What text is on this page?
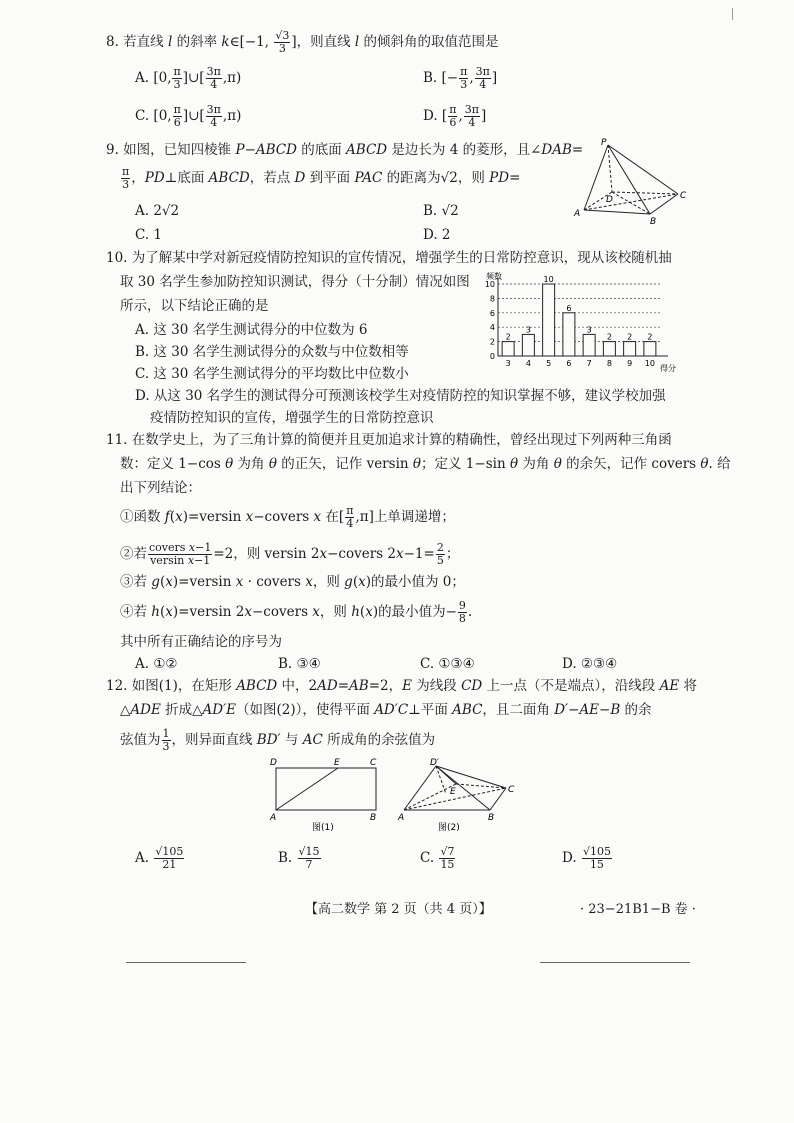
8. 若直线 l 的斜率 k∈[−1, $\frac{√3}{3}$ ]，则直线 l 的倾斜角的取值范围是
A. [0, $\frac{\pi}{3}$ ]∪[ $\frac{3\pi}{4} ,\pi$)	B. [− $\frac{\pi}{3}$ , $\frac{3\pi}{4}$ ]
C. [0, $\frac{\pi}{6}$ ]∪[ $\frac{3\pi}{4} ,\pi$)	D. [ $\frac{\pi}{6}$ , $\frac{3\pi}{4}$ ]
9. 如图，已知四棱锥 P−ABCD 的底面 ABCD 是边长为 4 的菱形，且∠DAB=
$\frac{\pi}{3}$ ，PD⊥底面 ABCD，若点 D 到平面 PAC 的距离为√2，则 PD=
A. 2√2	B. √2
C. 1	D. 2
P
A
B
C
D
10. 为了解某中学对新冠疫情防控知识的宣传情况，增强学生的日常防控意识，现从该校随机抽
取 30 名学生参加防控知识测试，得分（十分制）情况如图
所示，以下结论正确的是
A. 这 30 名学生测试得分的中位数为 6
B. 这 30 名学生测试得分的众数与中位数相等
C. 这 30 名学生测试得分的平均数比中位数小
D. 从这 30 名学生的测试得分可预测该校学生对疫情防控的知识掌握不够，建议学校加强
疫情防控知识的宣传，增强学生的日常防控意识
频数
得分
0
2
4
6
8
10
2
3
3
4
10
5
6
6
3
7
2
8
2
9
2
10
11. 在数学史上，为了三角计算的简便并且更加追求计算的精确性，曾经出现过下列两种三角函
数：定义 1−cos θ 为角 θ 的正矢，记作 versin θ；定义 1−sin θ 为角 θ 的余矢，记作 covers θ. 给
出下列结论：
①函数 f(x)=versin x−covers x 在[ $\frac{\pi}{4} ,\pi$]上单调递增；
②若 $\frac{\text{covers x−1}}{\text{versin x−1}} =2$，则 versin 2x−covers $2x-1= \frac{2}{5}$ ；
③若 g(x)=versin x · covers x，则 g(x)的最小值为 0；
④若 h(x)=versin 2x−covers x，则 h(x)的最小值为− $\frac{9}{8}$ .
其中所有正确结论的序号为
A. ①②	B. ③④	C. ①③④	D. ②③④
12. 如图(1)，在矩形 ABCD 中，2AD=AB=2，E 为线段 CD 上一点（不是端点），沿线段 AE 将
△ADE 折成△AD′E（如图(2)），使得平面 AD′C⊥平面 ABC，且二面角 D′−AE−B 的余
弦值为 $\frac{1}{3}$ ，则异面直线 BD′ 与 AC 所成角的余弦值为
D	E	C
A	B
图(1)
D′
E	C
A	B
图(2)
A. $\frac{√105}{21}$	B. $\frac{√15}{7}$	C. $\frac{√7}{15}$	D. $\frac{√105}{15}$
【高二数学 第 2 页（共 4 页）】	· 23−21B1−B 卷 ·
